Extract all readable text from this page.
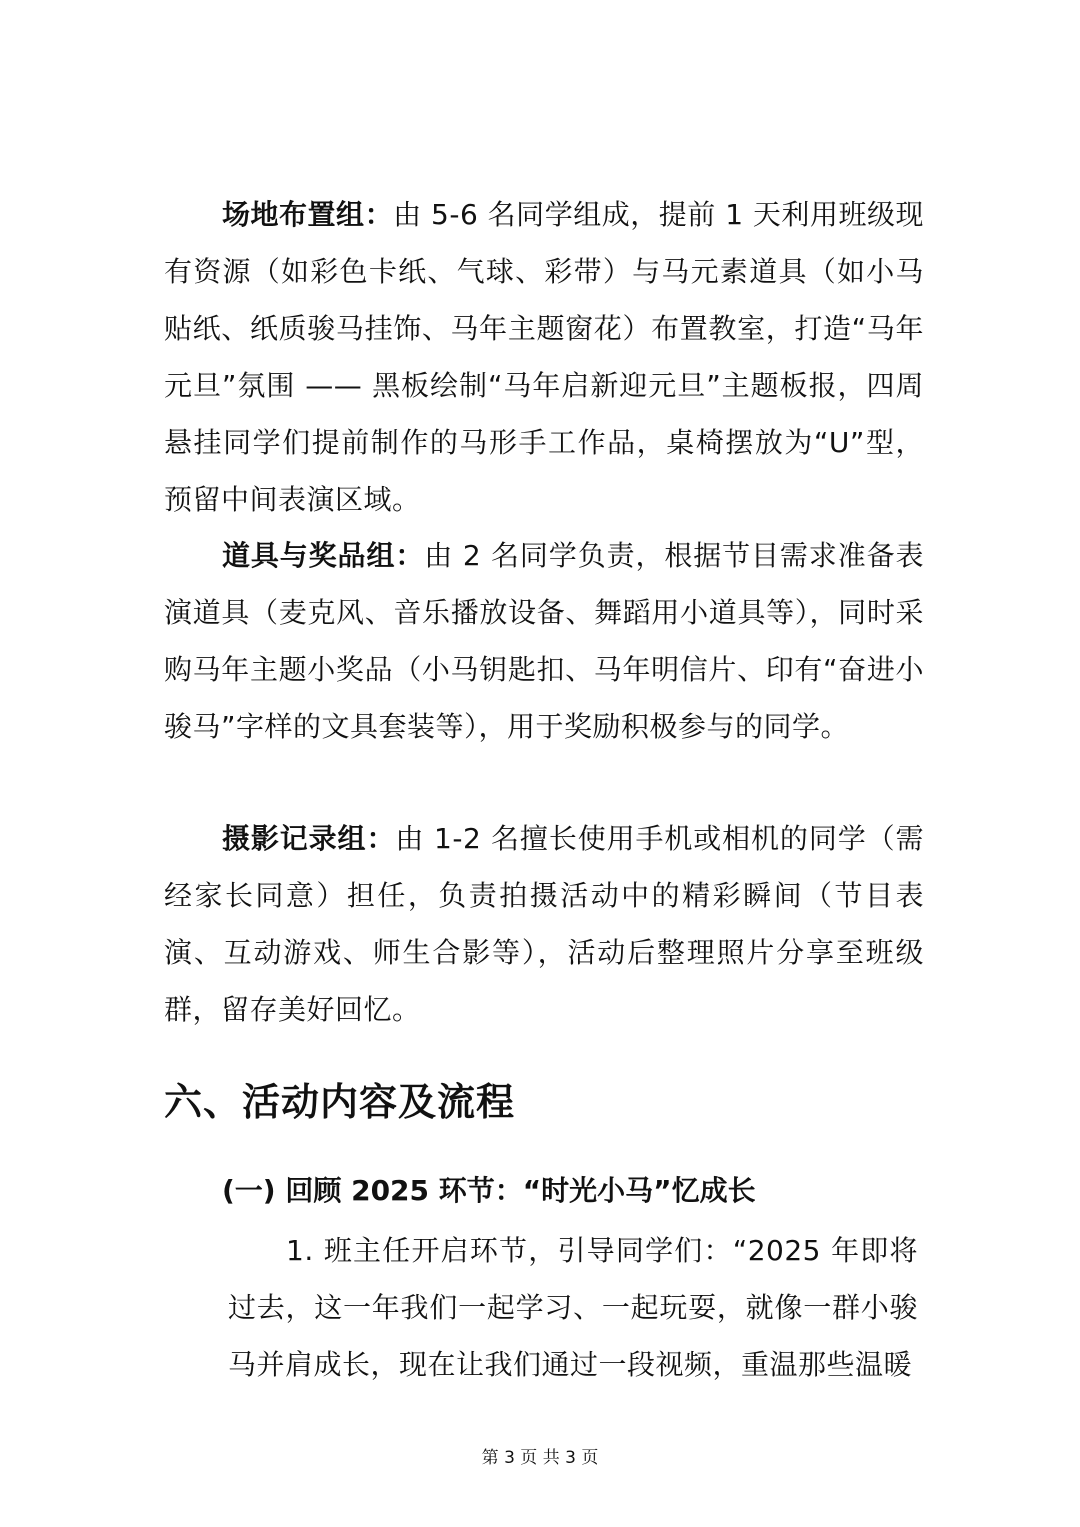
场地布置组：由 5-6 名同学组成，提前 1 天利用班级现有资源（如彩色卡纸、气球、彩带）与马元素道具（如小马贴纸、纸质骏马挂饰、马年主题窗花）布置教室，打造“马年元旦”氛围 —— 黑板绘制“马年启新迎元旦”主题板报，四周悬挂同学们提前制作的马形手工作品，桌椅摆放为“U”型，预留中间表演区域。

道具与奖品组：由 2 名同学负责，根据节目需求准备表演道具（麦克风、音乐播放设备、舞蹈用小道具等），同时采购马年主题小奖品（小马钥匙扣、马年明信片、印有“奋进小骏马”字样的文具套装等），用于奖励积极参与的同学。

摄影记录组：由 1-2 名擅长使用手机或相机的同学（需经家长同意）担任，负责拍摄活动中的精彩瞬间（节目表演、互动游戏、师生合影等），活动后整理照片分享至班级群，留存美好回忆。

六、活动内容及流程
(一) 回顾 2025 环节：“时光小马”忆成长

1. 班主任开启环节，引导同学们：“2025 年即将过去，这一年我们一起学习、一起玩耍，就像一群小骏马并肩成长，现在让我们通过一段视频，重温那些温暖

第 3 页 共 3 页
